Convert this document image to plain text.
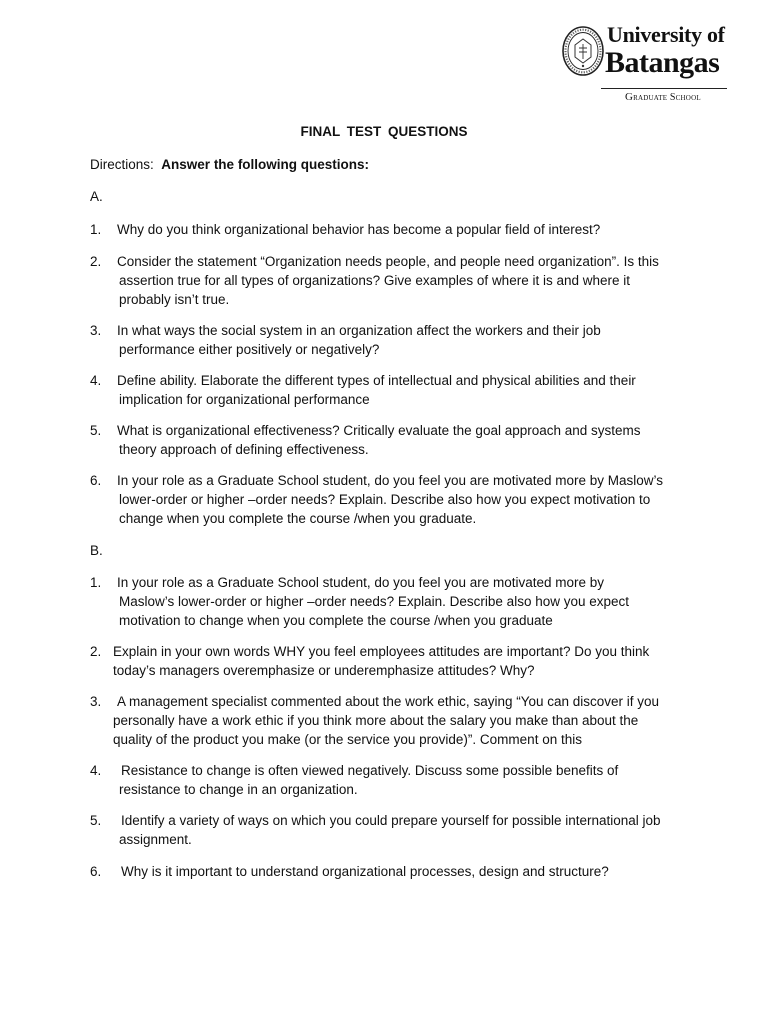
University of
Batangas
Graduate School
FINAL TEST QUESTIONS
Directions: Answer the following questions:
A.
1.	Why do you think organizational behavior has become a popular field of interest?
2.	Consider the statement “Organization needs people, and people need organization”. Is this
assertion true for all types of organizations? Give examples of where it is and where it
probably isn’t true.
3.	In what ways the social system in an organization affect the workers and their job
performance either positively or negatively?
4.	Define ability. Elaborate the different types of intellectual and physical abilities and their
implication for organizational performance
5.	What is organizational effectiveness? Critically evaluate the goal approach and systems
theory approach of defining effectiveness.
6.	In your role as a Graduate School student, do you feel you are motivated more by Maslow’s
lower-order or higher –order needs? Explain. Describe also how you expect motivation to
change when you complete the course /when you graduate.
B.
1.	In your role as a Graduate School student, do you feel you are motivated more by
Maslow’s lower-order or higher –order needs? Explain. Describe also how you expect
motivation to change when you complete the course /when you graduate
2. Explain in your own words WHY you feel employees attitudes are important? Do you think
today’s managers overemphasize or underemphasize attitudes? Why?
3.	A management specialist commented about the work ethic, saying “You can discover if you
personally have a work ethic if you think more about the salary you make than about the
quality of the product you make (or the service you provide)”. Comment on this
4.	Resistance to change is often viewed negatively. Discuss some possible benefits of
resistance to change in an organization.
5.	Identify a variety of ways on which you could prepare yourself for possible international job
assignment.
6.	Why is it important to understand organizational processes, design and structure?
